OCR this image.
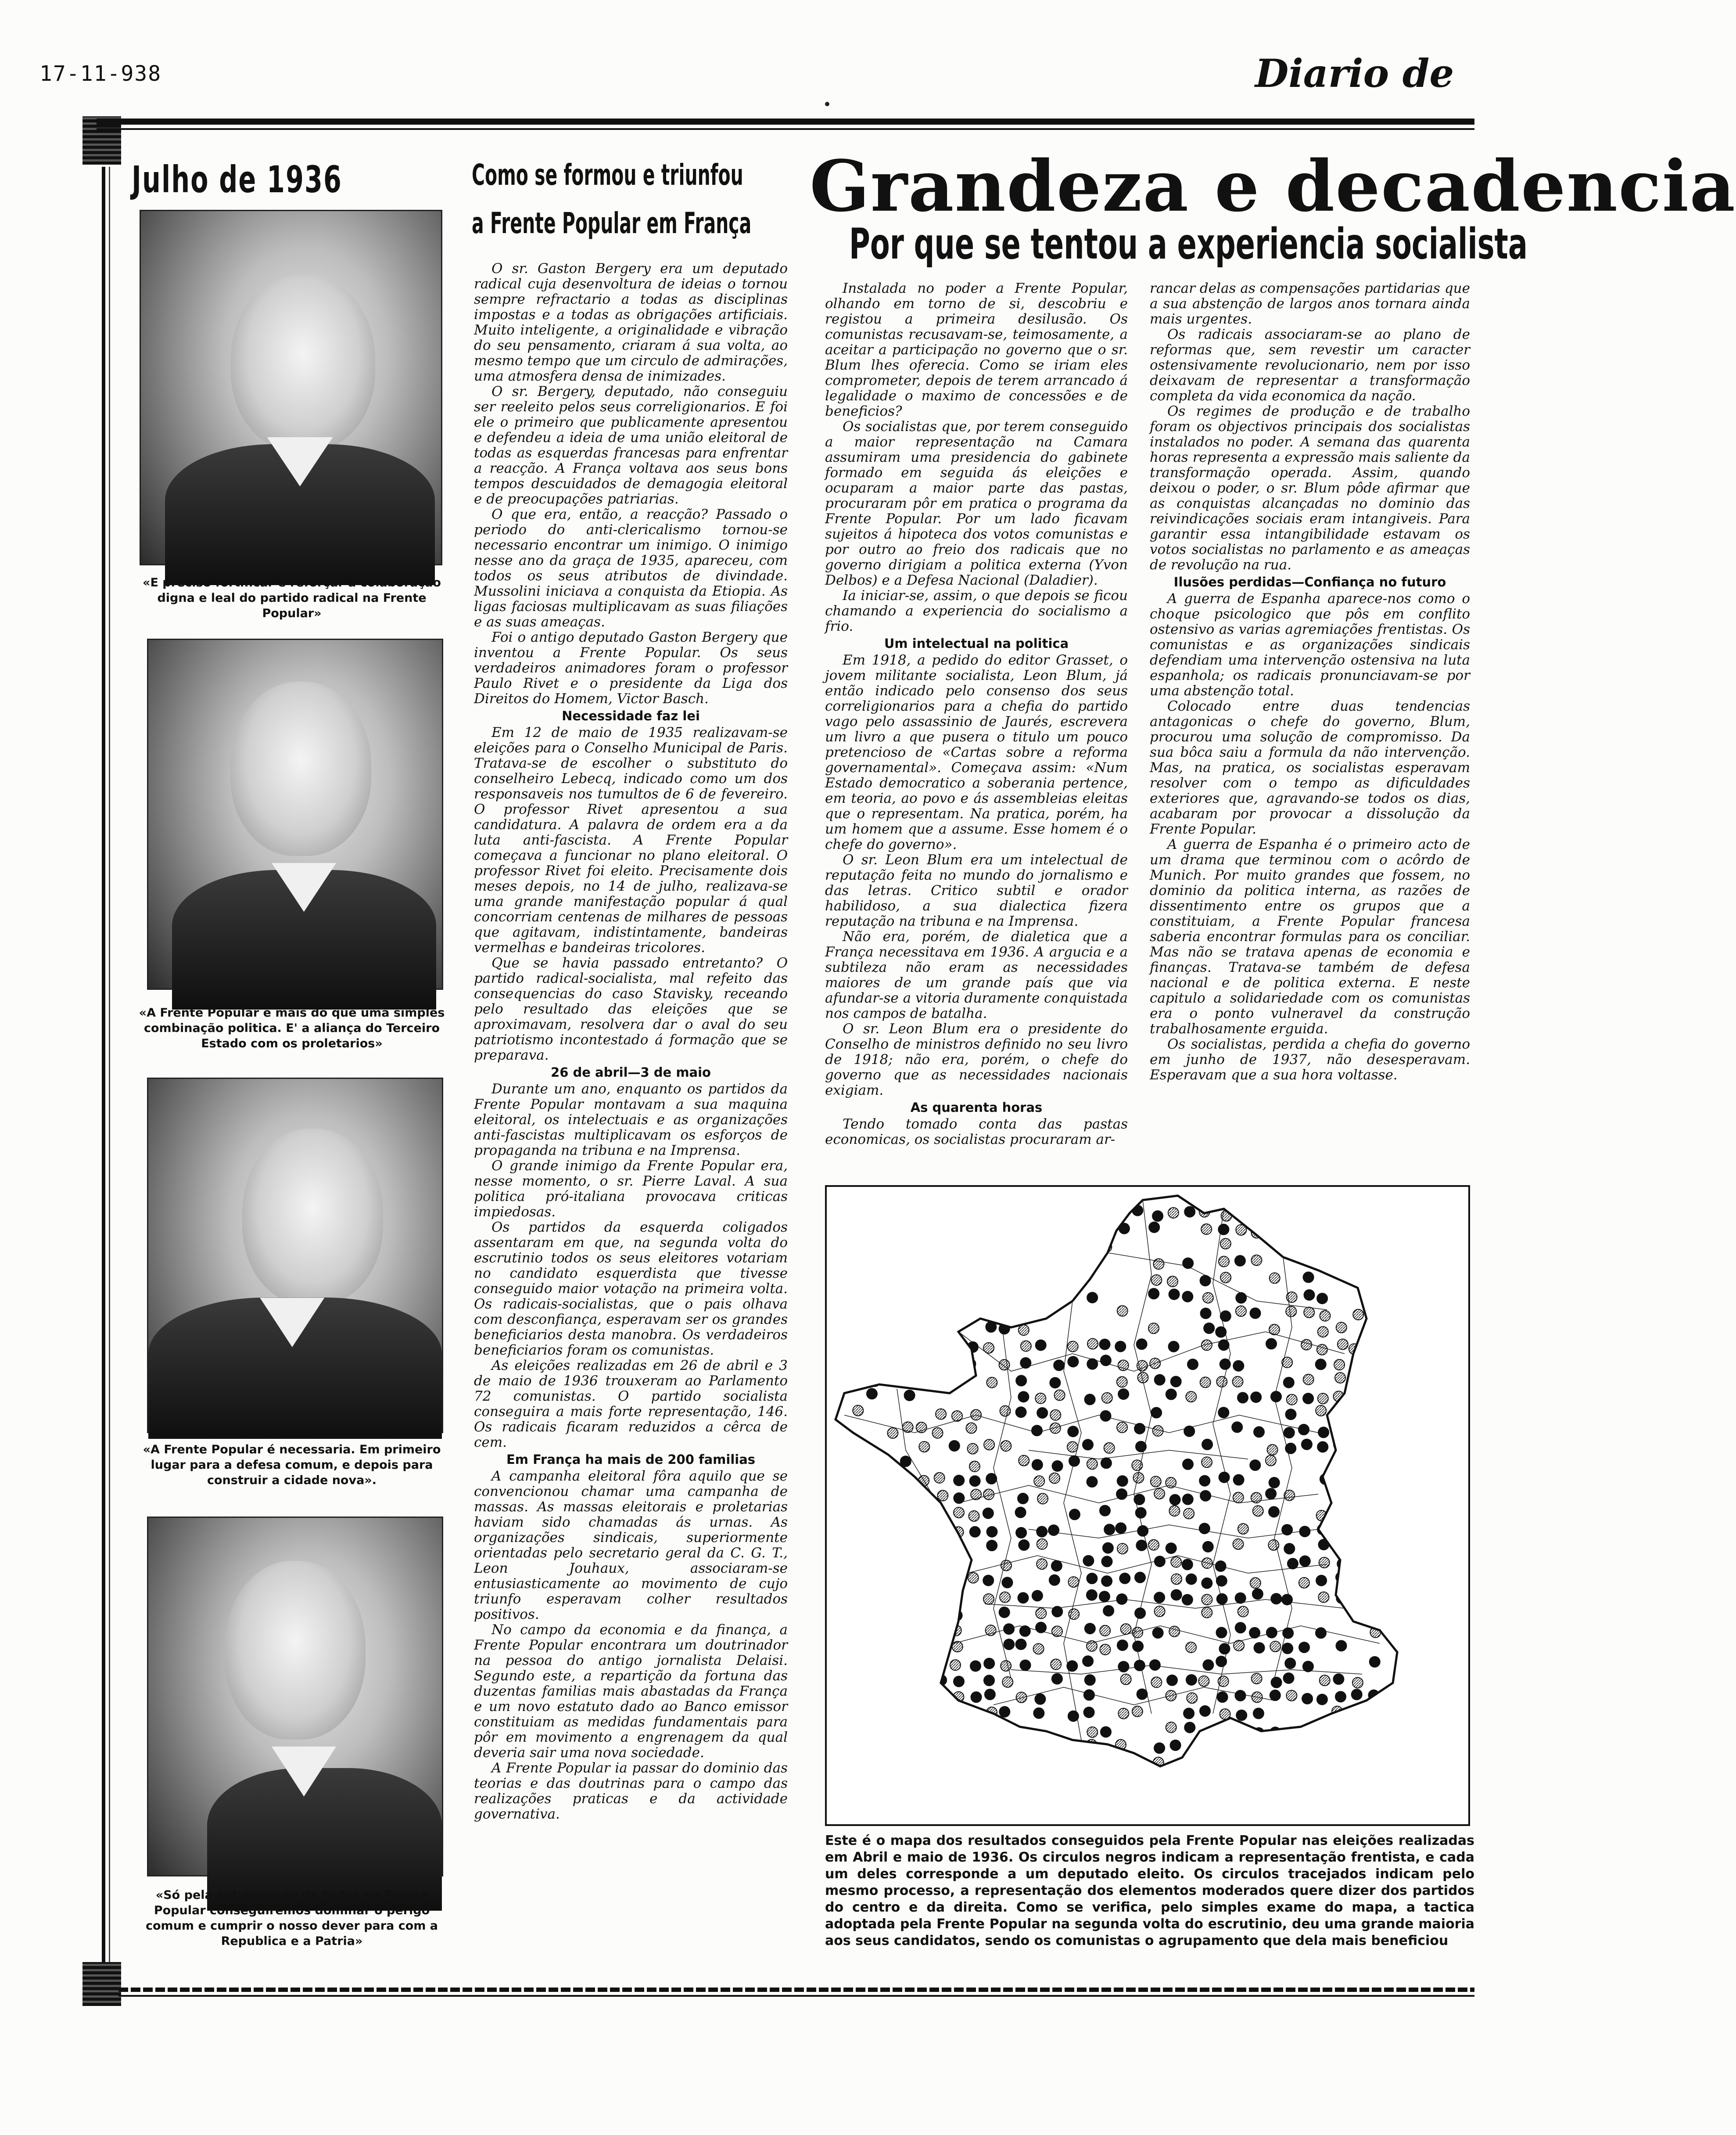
17-11-938	Diario de
Julho de 1936
«E preciso fortificar e reforçar a colaboração digna e leal do partido radical na Frente Popular»
«A Frente Popular é mais do que uma simples combinação politica. E' a aliança do Terceiro Estado com os proletarios»
«A Frente Popular é necessaria. Em primeiro lugar para a defesa comum, e depois para construir a cidade nova».
«Só pela colaboração de todos na Frente Popular conseguiremos dominar o perigo comum e cumprir o nosso dever para com a Republica e a Patria»
Como se formou e triunfou
a Frente Popular em França

O sr. Gaston Bergery era um deputado radical cuja desenvoltura de ideias o tornou sempre refractario a todas as disciplinas impostas e a todas as obrigações artificiais. Muito inteligente, a originalidade e vibração do seu pensamento, criaram á sua volta, ao mesmo tempo que um circulo de admirações, uma atmosfera densa de inimizades.

O sr. Bergery, deputado, não conseguiu ser reeleito pelos seus correligionarios. E foi ele o primeiro que publicamente apresentou e defendeu a ideia de uma união eleitoral de todas as esquerdas francesas para enfrentar a reacção. A França voltava aos seus bons tempos descuidados de demagogia eleitoral e de preocupações patriarias.

O que era, então, a reacção? Passado o periodo do anti-clericalismo tornou-se necessario encontrar um inimigo. O inimigo nesse ano da graça de 1935, apareceu, com todos os seus atributos de divindade. Mussolini iniciava a conquista da Etiopia. As ligas faciosas multiplicavam as suas filiações e as suas ameaças.

Foi o antigo deputado Gaston Bergery que inventou a Frente Popular. Os seus verdadeiros animadores foram o professor Paulo Rivet e o presidente da Liga dos Direitos do Homem, Victor Basch.

Necessidade faz lei

Em 12 de maio de 1935 realizavam-se eleições para o Conselho Municipal de Paris. Tratava-se de escolher o substituto do conselheiro Lebecq, indicado como um dos responsaveis nos tumultos de 6 de fevereiro. O professor Rivet apresentou a sua candidatura. A palavra de ordem era a da luta anti-fascista. A Frente Popular começava a funcionar no plano eleitoral. O professor Rivet foi eleito. Precisamente dois meses depois, no 14 de julho, realizava-se uma grande manifestação popular á qual concorriam centenas de milhares de pessoas que agitavam, indistintamente, bandeiras vermelhas e bandeiras tricolores.

Que se havia passado entretanto? O partido radical-socialista, mal refeito das consequencias do caso Stavisky, receando pelo resultado das eleições que se aproximavam, resolvera dar o aval do seu patriotismo incontestado á formação que se preparava.

26 de abril—3 de maio

Durante um ano, enquanto os partidos da Frente Popular montavam a sua maquina eleitoral, os intelectuais e as organizações anti-fascistas multiplicavam os esforços de propaganda na tribuna e na Imprensa.

O grande inimigo da Frente Popular era, nesse momento, o sr. Pierre Laval. A sua politica pró-italiana provocava criticas impiedosas.

Os partidos da esquerda coligados assentaram em que, na segunda volta do escrutinio todos os seus eleitores votariam no candidato esquerdista que tivesse conseguido maior votação na primeira volta. Os radicais-socialistas, que o pais olhava com desconfiança, esperavam ser os grandes beneficiarios desta manobra. Os verdadeiros beneficiarios foram os comunistas.

As eleições realizadas em 26 de abril e 3 de maio de 1936 trouxeram ao Parlamento 72 comunistas. O partido socialista conseguira a mais forte representação, 146. Os radicais ficaram reduzidos a cêrca de cem.

Em França ha mais de 200 familias

A campanha eleitoral fôra aquilo que se convencionou chamar uma campanha de massas. As massas eleitorais e proletarias haviam sido chamadas ás urnas. As organizações sindicais, superiormente orientadas pelo secretario geral da C. G. T., Leon Jouhaux, associaram-se entusiasticamente ao movimento de cujo triunfo esperavam colher resultados positivos.

No campo da economia e da finança, a Frente Popular encontrara um doutrinador na pessoa do antigo jornalista Delaisi. Segundo este, a repartição da fortuna das duzentas familias mais abastadas da França e um novo estatuto dado ao Banco emissor constituiam as medidas fundamentais para pôr em movimento a engrenagem da qual deveria sair uma nova sociedade.

A Frente Popular ia passar do dominio das teorias e das doutrinas para o campo das realizações praticas e da actividade governativa.

Grandeza e decadencia
Por que se tentou a experiencia socialista

Instalada no poder a Frente Popular, olhando em torno de si, descobriu e registou a primeira desilusão. Os comunistas recusavam-se, teimosamente, a aceitar a participação no governo que o sr. Blum lhes oferecia. Como se iriam eles comprometer, depois de terem arrancado á legalidade o maximo de concessões e de beneficios?

Os socialistas que, por terem conseguido a maior representação na Camara assumiram uma presidencia do gabinete formado em seguida ás eleições e ocuparam a maior parte das pastas, procuraram pôr em pratica o programa da Frente Popular. Por um lado ficavam sujeitos á hipoteca dos votos comunistas e por outro ao freio dos radicais que no governo dirigiam a politica externa (Yvon Delbos) e a Defesa Nacional (Daladier).

Ia iniciar-se, assim, o que depois se ficou chamando a experiencia do socialismo a frio.

Um intelectual na politica

Em 1918, a pedido do editor Grasset, o jovem militante socialista, Leon Blum, já então indicado pelo consenso dos seus correligionarios para a chefia do partido vago pelo assassinio de Jaurés, escrevera um livro a que pusera o titulo um pouco pretencioso de «Cartas sobre a reforma governamental». Começava assim: «Num Estado democratico a soberania pertence, em teoria, ao povo e ás assembleias eleitas que o representam. Na pratica, porém, ha um homem que a assume. Esse homem é o chefe do governo».

O sr. Leon Blum era um intelectual de reputação feita no mundo do jornalismo e das letras. Critico subtil e orador habilidoso, a sua dialectica fizera reputação na tribuna e na Imprensa.

Não era, porém, de dialetica que a França necessitava em 1936. A argucia e a subtileza não eram as necessidades maiores de um grande país que via afundar-se a vitoria duramente conquistada nos campos de batalha.

O sr. Leon Blum era o presidente do Conselho de ministros definido no seu livro de 1918; não era, porém, o chefe do governo que as necessidades nacionais exigiam.

As quarenta horas

Tendo tomado conta das pastas economicas, os socialistas procuraram ar-

rancar delas as compensações partidarias que a sua abstenção de largos anos tornara ainda mais urgentes.

Os radicais associaram-se ao plano de reformas que, sem revestir um caracter ostensivamente revolucionario, nem por isso deixavam de representar a transformação completa da vida economica da nação.

Os regimes de produção e de trabalho foram os objectivos principais dos socialistas instalados no poder. A semana das quarenta horas representa a expressão mais saliente da transformação operada. Assim, quando deixou o poder, o sr. Blum pôde afirmar que as conquistas alcançadas no dominio das reivindicações sociais eram intangiveis. Para garantir essa intangibilidade estavam os votos socialistas no parlamento e as ameaças de revolução na rua.

Ilusões perdidas—Confiança no futuro

A guerra de Espanha aparece-nos como o choque psicologico que pôs em conflito ostensivo as varias agremiações frentistas. Os comunistas e as organizações sindicais defendiam uma intervenção ostensiva na luta espanhola; os radicais pronunciavam-se por uma abstenção total.

Colocado entre duas tendencias antagonicas o chefe do governo, Blum, procurou uma solução de compromisso. Da sua bôca saiu a formula da não intervenção. Mas, na pratica, os socialistas esperavam resolver com o tempo as dificuldades exteriores que, agravando-se todos os dias, acabaram por provocar a dissolução da Frente Popular.

A guerra de Espanha é o primeiro acto de um drama que terminou com o acôrdo de Munich. Por muito grandes que fossem, no dominio da politica interna, as razões de dissentimento entre os grupos que a constituiam, a Frente Popular francesa saberia encontrar formulas para os conciliar. Mas não se tratava apenas de economia e finanças. Tratava-se também de defesa nacional e de politica externa. E neste capitulo a solidariedade com os comunistas era o ponto vulneravel da construção trabalhosamente erguida.

Os socialistas, perdida a chefia do governo em junho de 1937, não desesperavam. Esperavam que a sua hora voltasse.

Este é o mapa dos resultados conseguidos pela Frente Popular nas eleições realizadas em Abril e maio de 1936. Os circulos negros indicam a representação frentista, e cada um deles corresponde a um deputado eleito. Os circulos tracejados indicam pelo mesmo processo, a representação dos elementos moderados quere dizer dos partidos do centro e da direita. Como se verifica, pelo simples exame do mapa, a tactica adoptada pela Frente Popular na segunda volta do escrutinio, deu uma grande maioria aos seus candidatos, sendo os comunistas o agrupamento que dela mais beneficiou
